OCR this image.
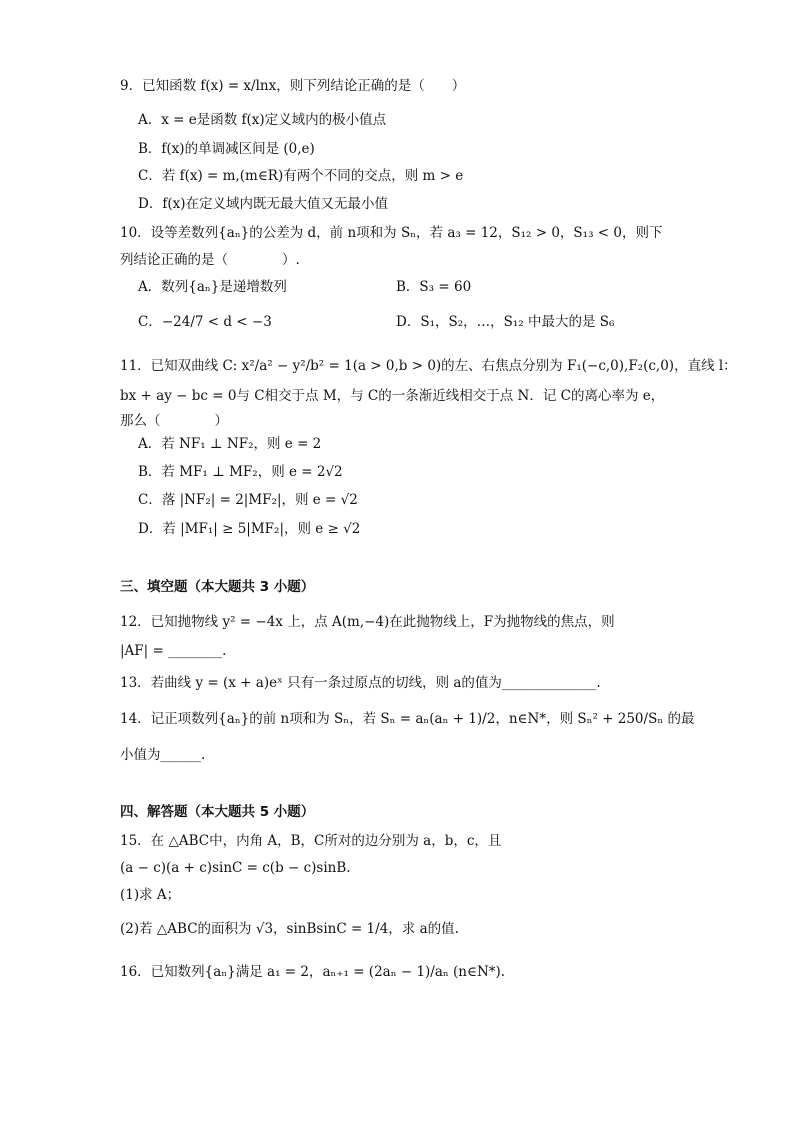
9．已知函数 f(x) = x/lnx，则下列结论正确的是（　　）
A．x = e是函数 f(x)定义域内的极小值点
B．f(x)的单调减区间是 (0,e)
C．若 f(x) = m,(m∈R)有两个不同的交点，则 m > e
D．f(x)在定义域内既无最大值又无最小值
10．设等差数列{aₙ}的公差为 d，前 n项和为 Sₙ，若 a₃ = 12，S₁₂ > 0，S₁₃ < 0，则下
列结论正确的是（　　　　）.
A．数列{aₙ}是递增数列	B．S₃ = 60
C．−24/7 < d < −3	D．S₁，S₂，…，S₁₂ 中最大的是 S₆
11．已知双曲线 C: x²/a² − y²/b² = 1(a > 0,b > 0)的左、右焦点分别为 F₁(−c,0),F₂(c,0)，直线 l：
bx + ay − bc = 0与 C相交于点 M，与 C的一条渐近线相交于点 N．记 C的离心率为 e，
那么（　　　　）
A．若 NF₁ ⊥ NF₂，则 e = 2
B．若 MF₁ ⊥ MF₂，则 e = 2√2
C．落 |NF₂| = 2|MF₂|，则 e = √2
D．若 |MF₁| ≥ 5|MF₂|，则 e ≥ √2
三、填空题（本大题共 3 小题）
12．已知抛物线 y² = −4x 上，点 A(m,−4)在此抛物线上，F为抛物线的焦点，则
|AF| = ________.
13．若曲线 y = (x + a)eˣ 只有一条过原点的切线，则 a的值为______________.
14．记正项数列{aₙ}的前 n项和为 Sₙ，若 Sₙ = aₙ(aₙ + 1)/2，n∈N*，则 Sₙ² + 250/Sₙ 的最
小值为______.
四、解答题（本大题共 5 小题）
15．在 △ABC中，内角 A，B，C所对的边分别为 a，b，c，且
(a − c)(a + c)sinC = c(b − c)sinB.
(1)求 A；
(2)若 △ABC的面积为 √3，sinBsinC = 1/4，求 a的值.
16．已知数列{aₙ}满足 a₁ = 2，aₙ₊₁ = (2aₙ − 1)/aₙ (n∈N*).
